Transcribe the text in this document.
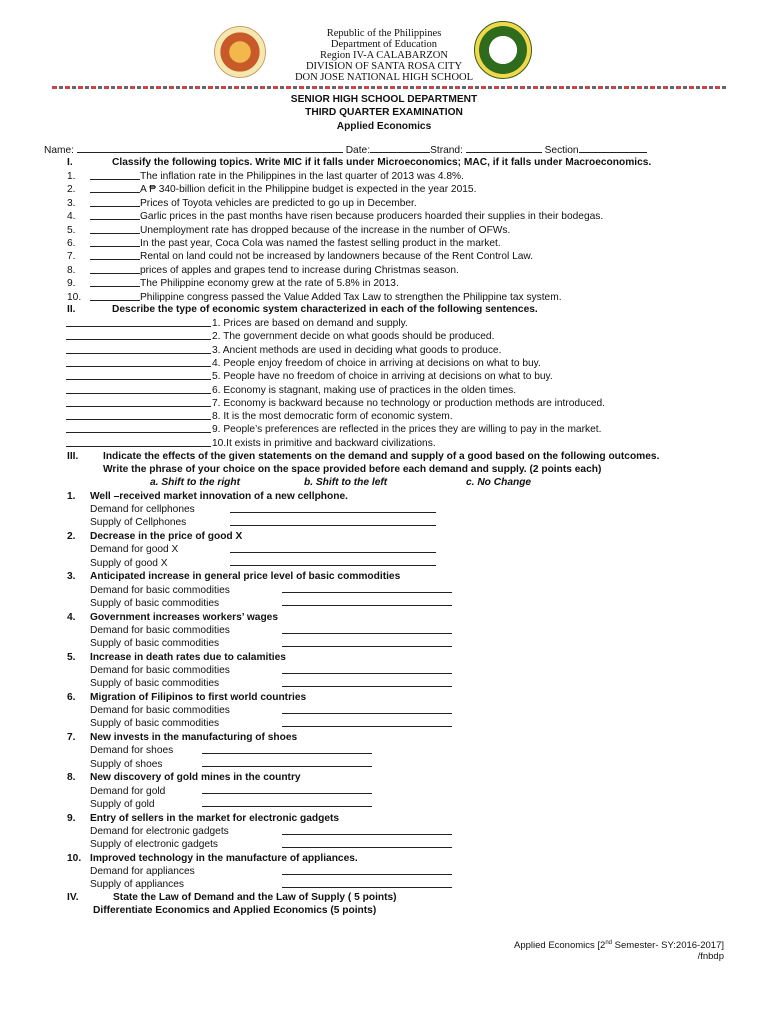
Republic of the Philippines
Department of Education
Region IV-A CALABARZON
DIVISION OF SANTA ROSA CITY
DON JOSE NATIONAL HIGH SCHOOL
SENIOR HIGH SCHOOL DEPARTMENT
THIRD QUARTER EXAMINATION
Applied Economics
Name:	Date:	Strand:	Section
I.	Classify the following topics. Write MIC if it falls under Microeconomics; MAC, if it falls under Macroeconomics.
1.	The inflation rate in the Philippines in the last quarter of 2013 was 4.8%.
2.	A ₱ 340-billion deficit in the Philippine budget is expected in the year 2015.
3.	Prices of Toyota vehicles are predicted to go up in December.
4.	Garlic prices in the past months have risen because producers hoarded their supplies in their bodegas.
5.	Unemployment rate has dropped because of the increase in the number of OFWs.
6.	In the past year, Coca Cola was named the fastest selling product in the market.
7.	Rental on land could not be increased by landowners because of the Rent Control Law.
8.	prices of apples and grapes tend to increase during Christmas season.
9.	The Philippine economy grew at the rate of 5.8% in 2013.
10.	Philippine congress passed the Value Added Tax Law to strengthen the Philippine tax system.
II.	Describe the type of economic system characterized in each of the following sentences.
1. Prices are based on demand and supply.
2. The government decide on what goods should be produced.
3. Ancient methods are used in deciding what goods to produce.
4. People enjoy freedom of choice in arriving at decisions on what to buy.
5. People have no freedom of choice in arriving at decisions on what to buy.
6. Economy is stagnant, making use of practices in the olden times.
7. Economy is backward because no technology or production methods are introduced.
8. It is the most democratic form of economic system.
9. People’s preferences are reflected in the prices they are willing to pay in the market.
10.It exists in primitive and backward civilizations.
III. Indicate the effects of the given statements on the demand and supply of a good based on the following outcomes.
Write the phrase of your choice on the space provided before each demand and supply. (2 points each)
a. Shift to the right	b. Shift to the left	c. No Change
1. Well –received market innovation of a new cellphone.
Demand for cellphones
Supply of Cellphones
2. Decrease in the price of good X
Demand for good X
Supply of good X
3. Anticipated increase in general price level of basic commodities
Demand for basic commodities
Supply of basic commodities
4. Government increases workers’ wages
Demand for basic commodities
Supply of basic commodities
5. Increase in death rates due to calamities
Demand for basic commodities
Supply of basic commodities
6. Migration of Filipinos to first world countries
Demand for basic commodities
Supply of basic commodities
7. New invests in the manufacturing of shoes
Demand for shoes
Supply of shoes
8. New discovery of gold mines in the country
Demand for gold
Supply of gold
9. Entry of sellers in the market for electronic gadgets
Demand for electronic gadgets
Supply of electronic gadgets
10. Improved technology in the manufacture of appliances.
Demand for appliances
Supply of appliances
IV.	State the Law of Demand and the Law of Supply ( 5 points)
Differentiate Economics and Applied Economics (5 points)
Applied Economics [2nd Semester- SY:2016-2017]
/fnbdp
